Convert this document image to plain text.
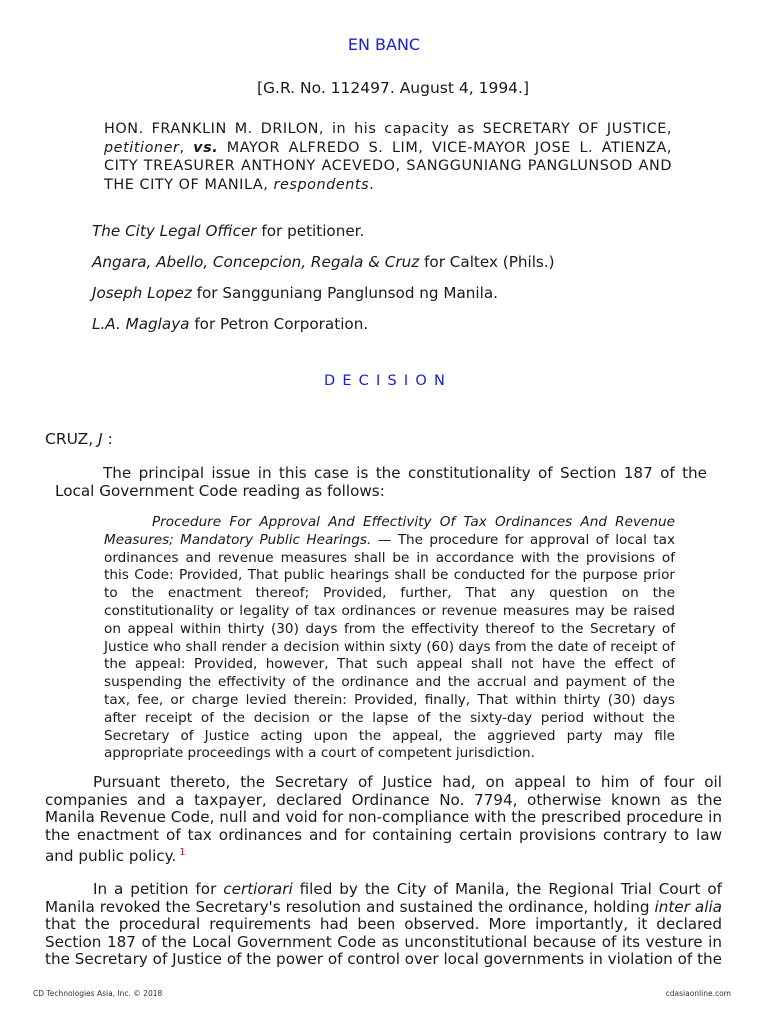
EN BANC
[G.R. No. 112497. August 4, 1994.]
HON. FRANKLIN M. DRILON, in his capacity as SECRETARY OF JUSTICE, petitioner, vs. MAYOR ALFREDO S. LIM, VICE-MAYOR JOSE L. ATIENZA, CITY TREASURER ANTHONY ACEVEDO, SANGGUNIANG PANGLUNSOD AND THE CITY OF MANILA, respondents.
The City Legal Officer for petitioner.
Angara, Abello, Concepcion, Regala & Cruz for Caltex (Phils.)
Joseph Lopez for Sangguniang Panglunsod ng Manila.
L.A. Maglaya for Petron Corporation.
DECISION
CRUZ, J :
The principal issue in this case is the constitutionality of Section 187 of the Local Government Code reading as follows:
Procedure For Approval And Effectivity Of Tax Ordinances And Revenue Measures; Mandatory Public Hearings. — The procedure for approval of local tax ordinances and revenue measures shall be in accordance with the provisions of this Code: Provided, That public hearings shall be conducted for the purpose prior to the enactment thereof; Provided, further, That any question on the constitutionality or legality of tax ordinances or revenue measures may be raised on appeal within thirty (30) days from the effectivity thereof to the Secretary of Justice who shall render a decision within sixty (60) days from the date of receipt of the appeal: Provided, however, That such appeal shall not have the effect of suspending the effectivity of the ordinance and the accrual and payment of the tax, fee, or charge levied therein: Provided, finally, That within thirty (30) days after receipt of the decision or the lapse of the sixty-day period without the Secretary of Justice acting upon the appeal, the aggrieved party may file appropriate proceedings with a court of competent jurisdiction.
Pursuant thereto, the Secretary of Justice had, on appeal to him of four oil companies and a taxpayer, declared Ordinance No. 7794, otherwise known as the Manila Revenue Code, null and void for non-compliance with the prescribed procedure in the enactment of tax ordinances and for containing certain provisions contrary to law and public policy. $^1$
In a petition for certiorari filed by the City of Manila, the Regional Trial Court of Manila revoked the Secretary's resolution and sustained the ordinance, holding inter alia that the procedural requirements had been observed. More importantly, it declared Section 187 of the Local Government Code as unconstitutional because of its vesture in the Secretary of Justice of the power of control over local governments in violation of the
CD Technologies Asia, Inc. © 2018	cdasiaonline.com
